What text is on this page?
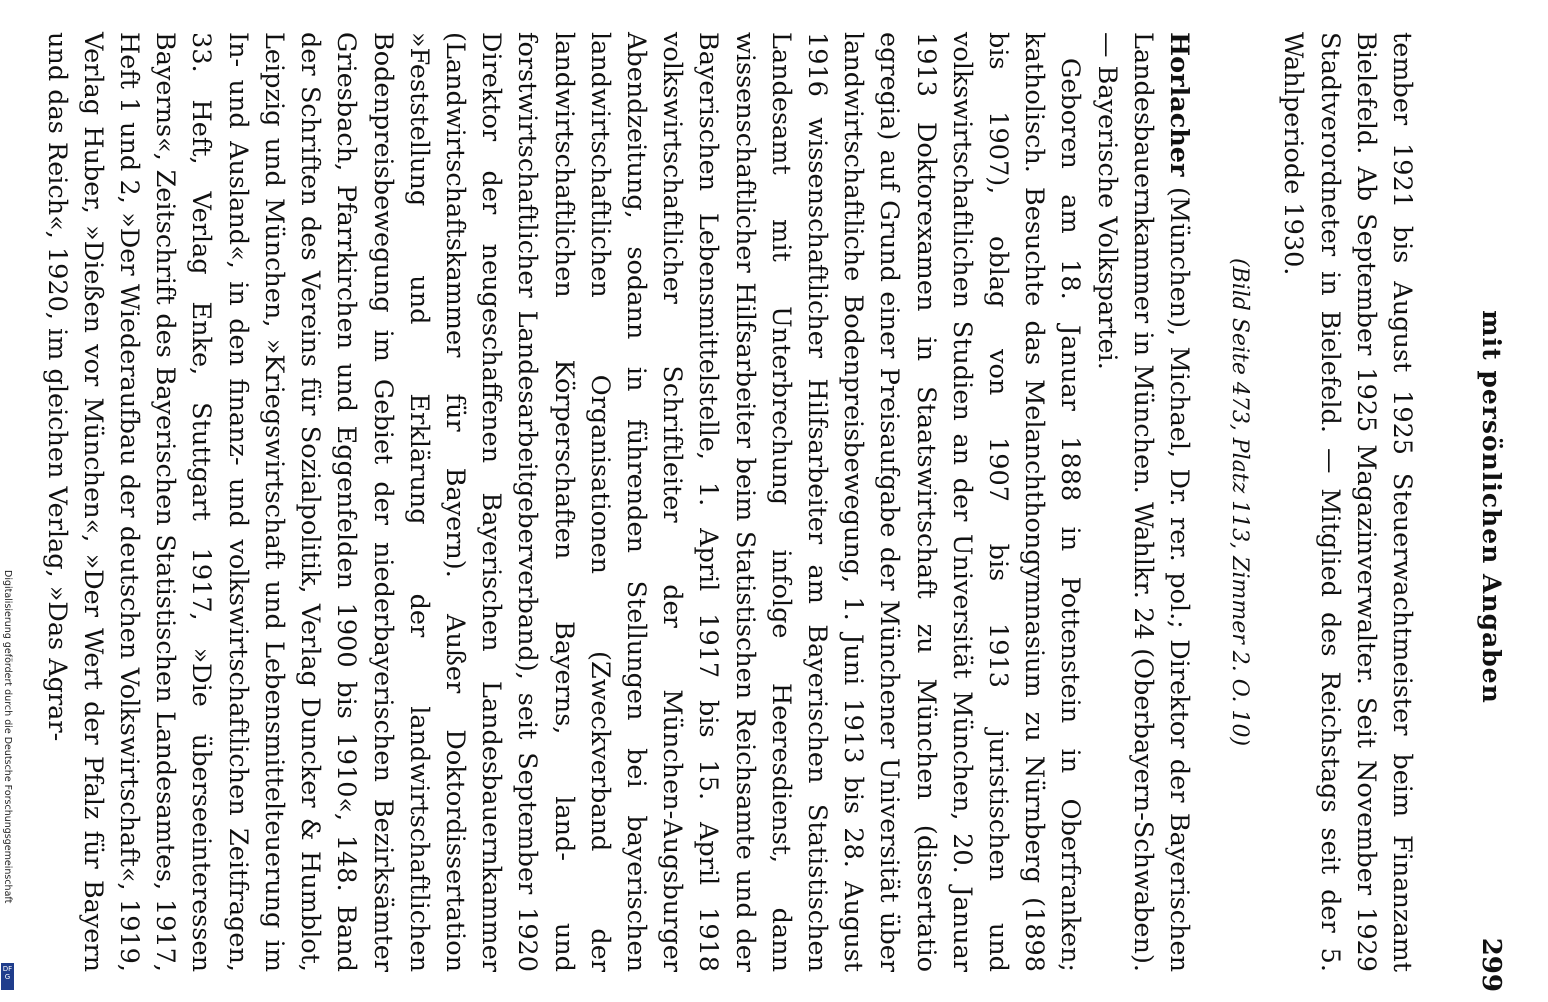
mit persönlichen Angaben
299

tember 1921 bis August 1925 Steuerwachtmeister beim Finanzamt Bielefeld. Ab September 1925 Magazinverwalter. Seit November 1929 Stadtverordneter in Bielefeld. — Mitglied des Reichstags seit der 5. Wahlperiode 1930.

(Bild Seite 473, Platz 113, Zimmer 2. O. 10)

Horlacher (München), Michael, Dr. rer. pol.; Direktor der Bayerischen Landesbauernkammer in München. Wahlkr. 24 (Oberbayern-Schwaben). — Bayerische Volkspartei.

Geboren am 18. Januar 1888 in Pottenstein in Oberfranken; katholisch. Besuchte das Melanchthongymnasium zu Nürnberg (1898 bis 1907), oblag von 1907 bis 1913 juristischen und volkswirtschaftlichen Studien an der Universität München, 20. Januar 1913 Doktorexamen in Staatswirtschaft zu München (dissertatio egregia) auf Grund einer Preisaufgabe der Münchener Universität über landwirtschaftliche Bodenpreisbewegung, 1. Juni 1913 bis 28. August 1916 wissenschaftlicher Hilfsarbeiter am Bayerischen Statistischen Landesamt mit Unterbrechung infolge Heeresdienst, dann wissenschaftlicher Hilfsarbeiter beim Statistischen Reichsamte und der Bayerischen Lebensmittelstelle, 1. April 1917 bis 15. April 1918 volkswirtschaftlicher Schriftleiter der München-Augsburger Abendzeitung, sodann in führenden Stellungen bei bayerischen landwirtschaftlichen Organisationen (Zweckverband der landwirtschaftlichen Körperschaften Bayerns, land- und forstwirtschaftlicher Landesarbeitgeberverband), seit September 1920 Direktor der neugeschaffenen Bayerischen Landesbauernkammer (Landwirtschaftskammer für Bayern). Außer Doktordissertation »Feststellung und Erklärung der landwirtschaftlichen Bodenpreisbewegung im Gebiet der niederbayerischen Bezirksämter Griesbach, Pfarrkirchen und Eggenfelden 1900 bis 1910«, 148. Band der Schriften des Vereins für Sozialpolitik, Verlag Duncker & Humblot, Leipzig und München, »Kriegswirtschaft und Lebensmittelteuerung im In- und Ausland«, in den finanz- und volkswirtschaftlichen Zeitfragen, 33. Heft, Verlag Enke, Stuttgart 1917, »Die überseeinteressen Bayerns«, Zeitschrift des Bayerischen Statistischen Landesamtes, 1917, Heft 1 und 2, »Der Wiederaufbau der deutschen Volkswirtschaft«, 1919, Verlag Huber, »Dießen vor München«, »Der Wert der Pfalz für Bayern und das Reich«, 1920, im gleichen Verlag, »Das Agrar-

Digitalisierung gefördert durch die Deutsche Forschungsgemeinschaft
DFG
